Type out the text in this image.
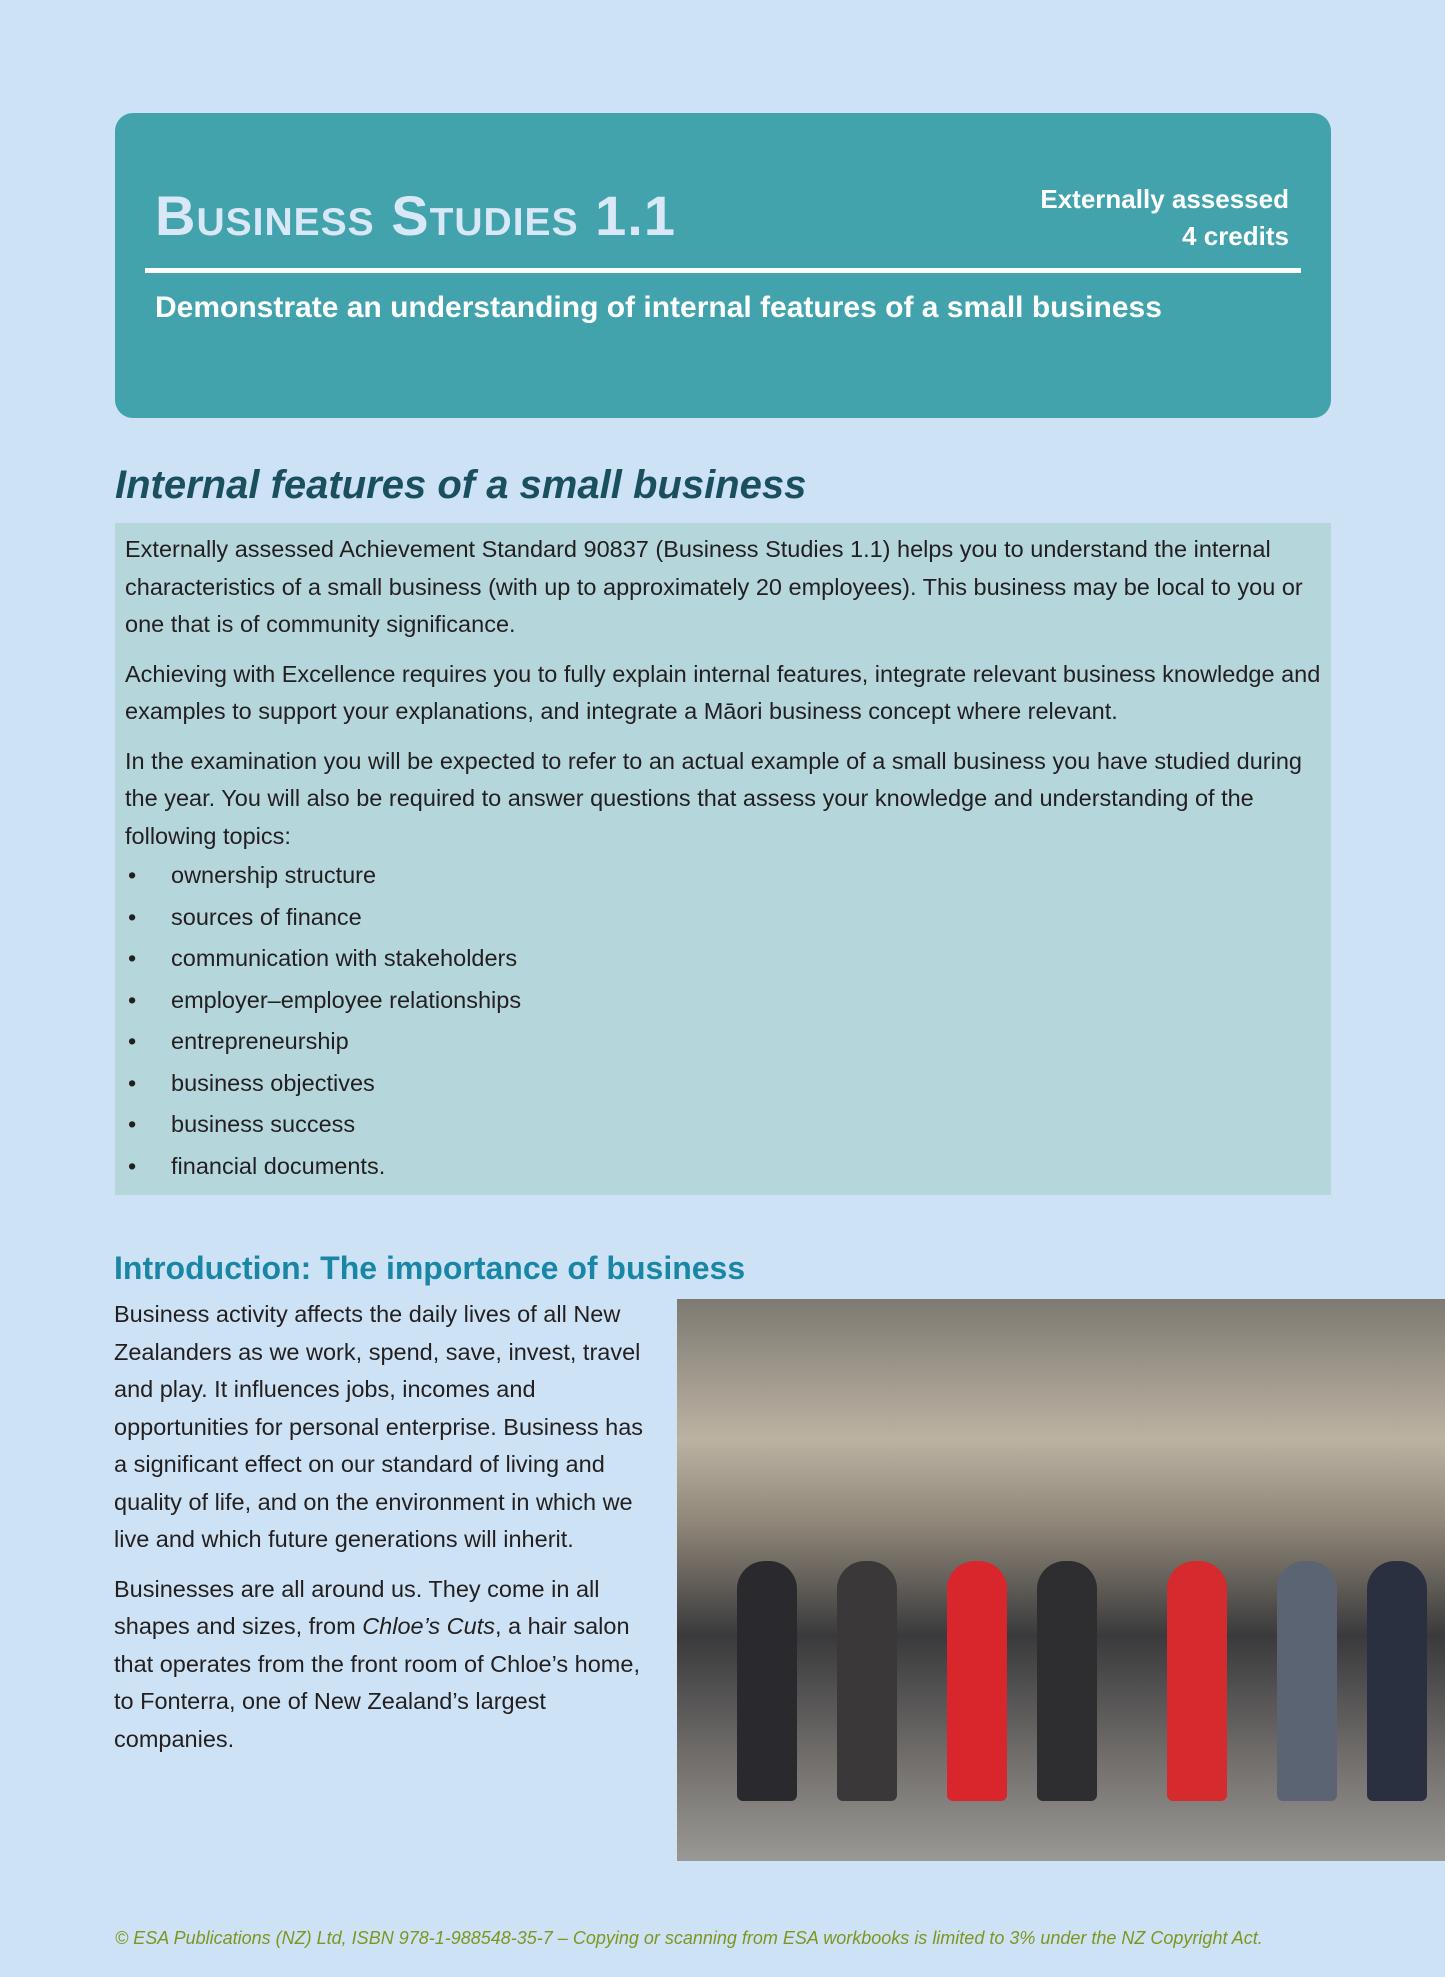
Business Studies 1.1	Externally assessed
4 credits
Demonstrate an understanding of internal features of a small business
Internal features of a small business

Externally assessed Achievement Standard 90837 (Business Studies 1.1) helps you to understand the internal characteristics of a small business (with up to approximately 20 employees). This business may be local to you or one that is of community significance.

Achieving with Excellence requires you to fully explain internal features, integrate relevant business knowledge and examples to support your explanations, and integrate a Māori business concept where relevant.

In the examination you will be expected to refer to an actual example of a small business you have studied during the year. You will also be required to answer questions that assess your knowledge and understanding of the following topics:

• ownership structure
• sources of finance
• communication with stakeholders
• employer–employee relationships
• entrepreneurship
• business objectives
• business success
• financial documents.
Introduction: The importance of business

Business activity affects the daily lives of all New Zealanders as we work, spend, save, invest, travel and play. It influences jobs, incomes and opportunities for personal enterprise. Business has a significant effect on our standard of living and quality of life, and on the environment in which we live and which future generations will inherit.

Businesses are all around us. They come in all shapes and sizes, from Chloe’s Cuts, a hair salon that operates from the front room of Chloe’s home, to Fonterra, one of New Zealand’s largest companies.

© ESA Publications (NZ) Ltd, ISBN 978-1-988548-35-7 – Copying or scanning from ESA workbooks is limited to 3% under the NZ Copyright Act.
